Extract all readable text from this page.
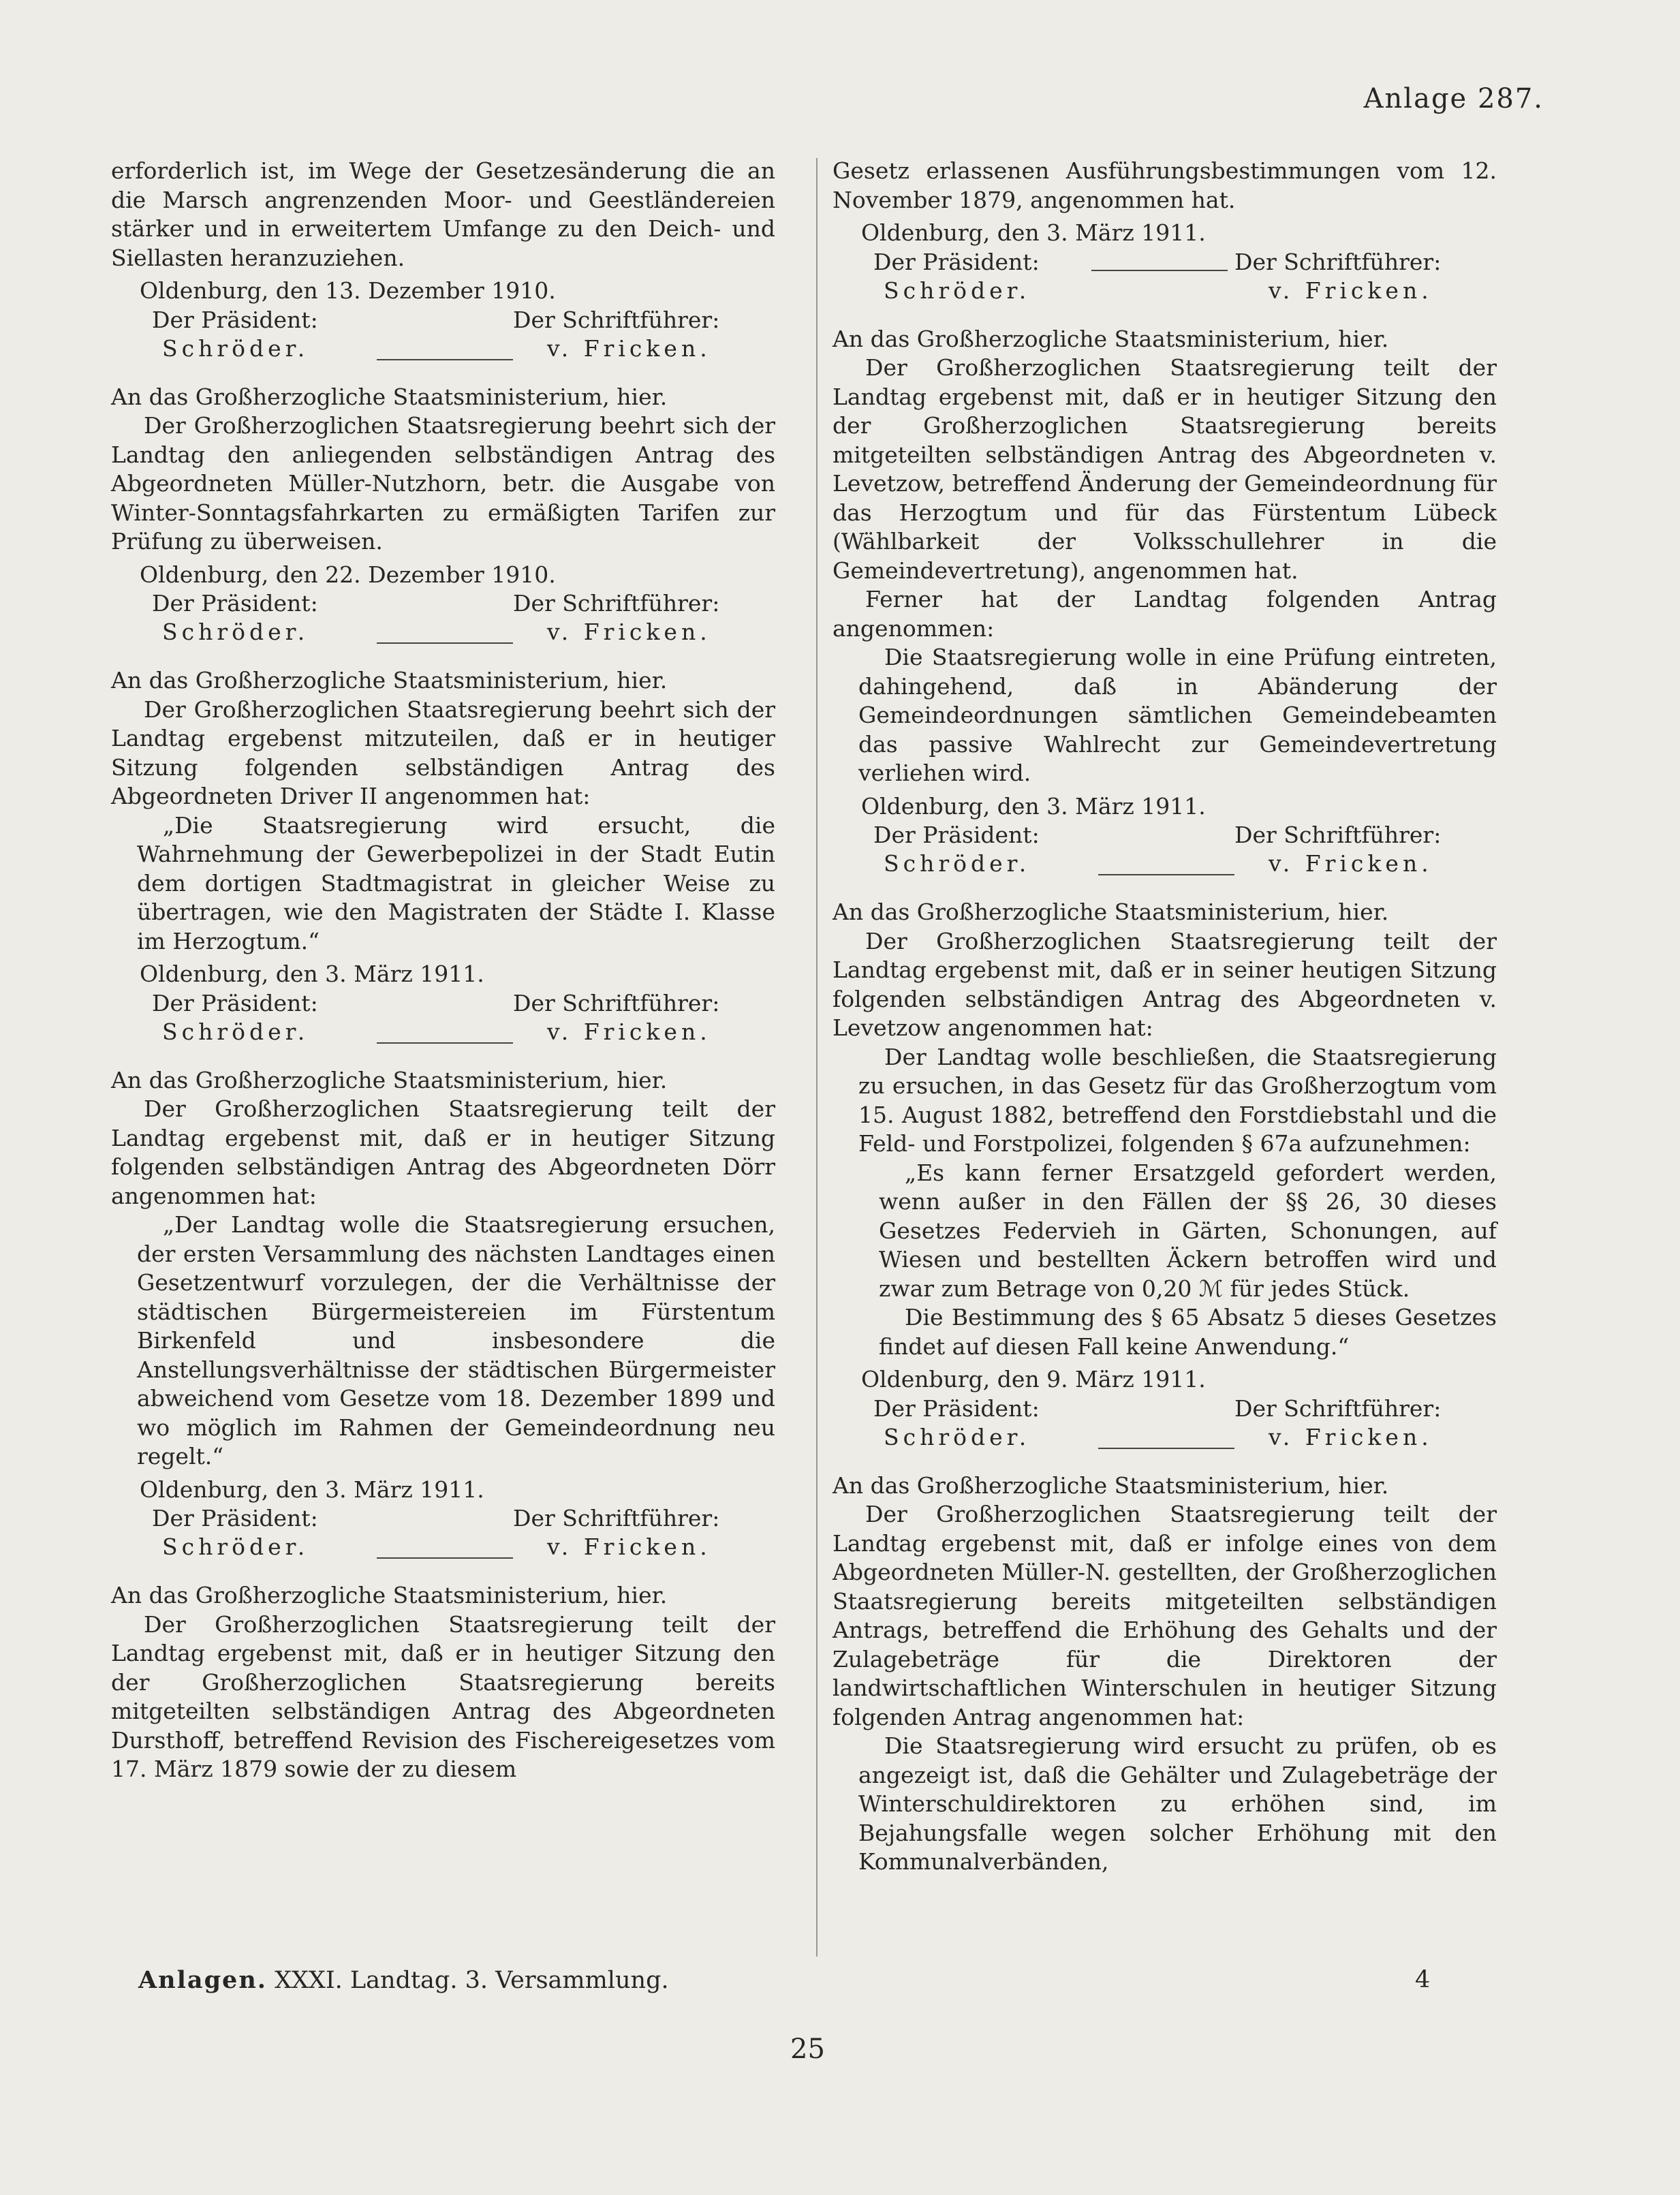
Anlage 287.

erforderlich ist, im Wege der Gesetzesänderung die an die Marsch angrenzenden Moor- und Geestländereien stärker und in erweitertem Umfange zu den Deich- und Siellasten heranzuziehen.

Oldenburg, den 13. Dezember 1910.

Der Präsident:	Der Schriftführer:
Schröder.	v. Fricken.

An das Großherzogliche Staatsministerium, hier.

Der Großherzoglichen Staatsregierung beehrt sich der Landtag den anliegenden selbständigen Antrag des Abgeordneten Müller-Nutzhorn, betr. die Ausgabe von Winter-Sonntagsfahrkarten zu ermäßigten Tarifen zur Prüfung zu überweisen.

Oldenburg, den 22. Dezember 1910.

Der Präsident:	Der Schriftführer:
Schröder.	v. Fricken.

An das Großherzogliche Staatsministerium, hier.

Der Großherzoglichen Staatsregierung beehrt sich der Landtag ergebenst mitzuteilen, daß er in heutiger Sitzung folgenden selbständigen Antrag des Abgeordneten Driver II angenommen hat:

„Die Staatsregierung wird ersucht, die Wahrnehmung der Gewerbepolizei in der Stadt Eutin dem dortigen Stadtmagistrat in gleicher Weise zu übertragen, wie den Magistraten der Städte I. Klasse im Herzogtum.“

Oldenburg, den 3. März 1911.

Der Präsident:	Der Schriftführer:
Schröder.	v. Fricken.

An das Großherzogliche Staatsministerium, hier.

Der Großherzoglichen Staatsregierung teilt der Landtag ergebenst mit, daß er in heutiger Sitzung folgenden selbständigen Antrag des Abgeordneten Dörr angenommen hat:

„Der Landtag wolle die Staatsregierung ersuchen, der ersten Versammlung des nächsten Landtages einen Gesetzentwurf vorzulegen, der die Verhältnisse der städtischen Bürgermeistereien im Fürstentum Birkenfeld und insbesondere die Anstellungsverhältnisse der städtischen Bürgermeister abweichend vom Gesetze vom 18. Dezember 1899 und wo möglich im Rahmen der Gemeindeordnung neu regelt.“

Oldenburg, den 3. März 1911.

Der Präsident:	Der Schriftführer:
Schröder.	v. Fricken.

An das Großherzogliche Staatsministerium, hier.

Der Großherzoglichen Staatsregierung teilt der Landtag ergebenst mit, daß er in heutiger Sitzung den der Großherzoglichen Staatsregierung bereits mitgeteilten selbständigen Antrag des Abgeordneten Dursthoff, betreffend Revision des Fischereigesetzes vom 17. März 1879 sowie der zu diesem

Gesetz erlassenen Ausführungsbestimmungen vom 12. November 1879, angenommen hat.

Oldenburg, den 3. März 1911.

Der Präsident:	Der Schriftführer:
Schröder.	v. Fricken.

An das Großherzogliche Staatsministerium, hier.

Der Großherzoglichen Staatsregierung teilt der Landtag ergebenst mit, daß er in heutiger Sitzung den der Großherzoglichen Staatsregierung bereits mitgeteilten selbständigen Antrag des Abgeordneten v. Levetzow, betreffend Änderung der Gemeindeordnung für das Herzogtum und für das Fürstentum Lübeck (Wählbarkeit der Volksschullehrer in die Gemeindevertretung), angenommen hat.

Ferner hat der Landtag folgenden Antrag angenommen:

Die Staatsregierung wolle in eine Prüfung eintreten, dahingehend, daß in Abänderung der Gemeindeordnungen sämtlichen Gemeindebeamten das passive Wahlrecht zur Gemeindevertretung verliehen wird.

Oldenburg, den 3. März 1911.

Der Präsident:	Der Schriftführer:
Schröder.	v. Fricken.

An das Großherzogliche Staatsministerium, hier.

Der Großherzoglichen Staatsregierung teilt der Landtag ergebenst mit, daß er in seiner heutigen Sitzung folgenden selbständigen Antrag des Abgeordneten v. Levetzow angenommen hat:

Der Landtag wolle beschließen, die Staatsregierung zu ersuchen, in das Gesetz für das Großherzogtum vom 15. August 1882, betreffend den Forstdiebstahl und die Feld- und Forstpolizei, folgenden § 67a aufzunehmen:

„Es kann ferner Ersatzgeld gefordert werden, wenn außer in den Fällen der §§ 26, 30 dieses Gesetzes Federvieh in Gärten, Schonungen, auf Wiesen und bestellten Äckern betroffen wird und zwar zum Betrage von 0,20 ℳ für jedes Stück.

Die Bestimmung des § 65 Absatz 5 dieses Gesetzes findet auf diesen Fall keine Anwendung.“

Oldenburg, den 9. März 1911.

Der Präsident:	Der Schriftführer:
Schröder.	v. Fricken.

An das Großherzogliche Staatsministerium, hier.

Der Großherzoglichen Staatsregierung teilt der Landtag ergebenst mit, daß er infolge eines von dem Abgeordneten Müller-N. gestellten, der Großherzoglichen Staatsregierung bereits mitgeteilten selbständigen Antrags, betreffend die Erhöhung des Gehalts und der Zulagebeträge für die Direktoren der landwirtschaftlichen Winterschulen in heutiger Sitzung folgenden Antrag angenommen hat:

Die Staatsregierung wird ersucht zu prüfen, ob es angezeigt ist, daß die Gehälter und Zulagebeträge der Winterschuldirektoren zu erhöhen sind, im Bejahungsfalle wegen solcher Erhöhung mit den Kommunalverbänden,

Anlagen. XXXI. Landtag. 3. Versammlung.	4
25
